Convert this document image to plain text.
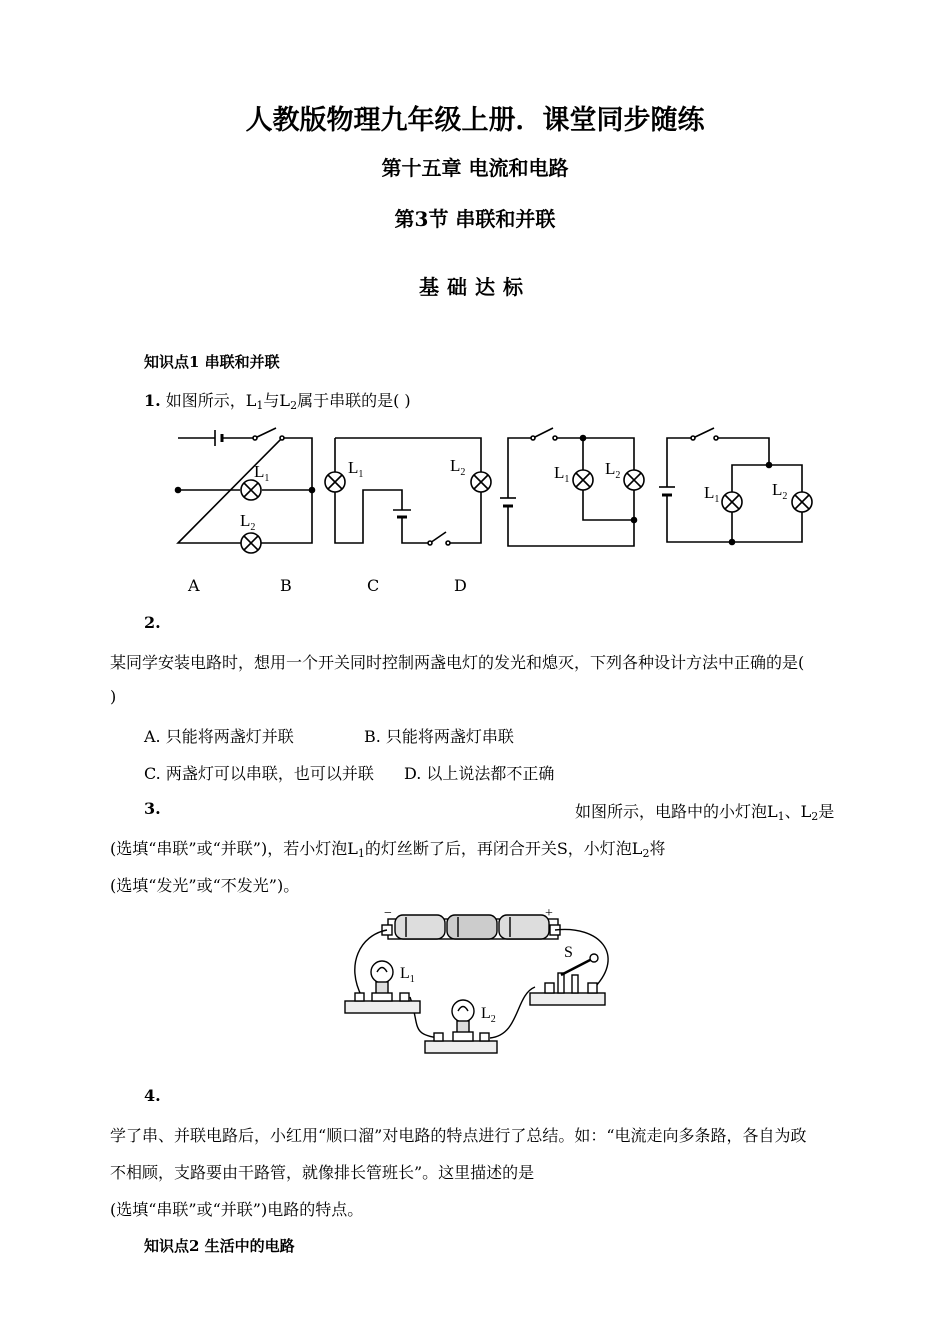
人教版物理九年级上册．课堂同步随练
第十五章 电流和电路
第3节 串联和并联
基础达标
知识点1 串联和并联
1. 如图所示，$L_1$与$L_2$属于串联的是( )
$L_1$
$L_2$
$L_1$	$L_2$	$L_1$
$L_2$
$L_1$
$L_2$
A	B	C	D
2.
某同学安装电路时，想用一个开关同时控制两盏电灯的发光和熄灭，下列各种设计方法中正确的是(
)
A. 只能将两盏灯并联	B. 只能将两盏灯串联
C. 两盏灯可以串联，也可以并联 D. 以上说法都不正确
3.	如图所示，电路中的小灯泡$L_1$、$L_2$是
(选填“串联”或“并联”)，若小灯泡$L_1$的灯丝断了后，再闭合开关S，小灯泡$L_2$将
(选填“发光”或“不发光”)。
−	+
S
$L_1$
$L_2$
4.
学了串、并联电路后，小红用“顺口溜”对电路的特点进行了总结。如：“电流走向多条路，各自为政
不相顾，支路要由干路管，就像排长管班长”。这里描述的是
(选填“串联”或“并联”)电路的特点。
知识点2 生活中的电路
